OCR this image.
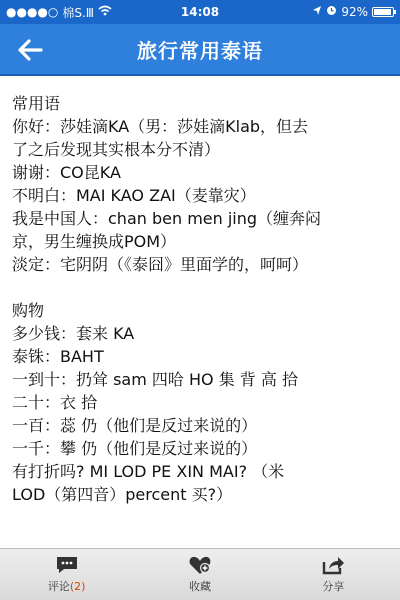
●●●●○ 棉S.Ⅲ	14:08	92%
旅行常用泰语

常用语

你好：莎娃滴KA（男：莎娃滴Klab，但去

了之后发现其实根本分不清）

谢谢：CO昆KA

不明白：MAI KAO ZAI（麦靠灾）

我是中国人：chan ben men jing（缠奔闷

京，男生缠换成POM）

淡定：宅阴阴（《泰囧》里面学的，呵呵）

购物

多少钱：套来 KA

泰铢：BAHT

一到十：扔耸 sam 四哈 HO 集 背 高 拾

二十：衣 拾

一百：蕊 仍（他们是反过来说的）

一千：攀 仍（他们是反过来说的）

有打折吗? MI LOD PE XIN MAI? （米

LOD（第四音）percent 买?）

评论(2)	收藏	分享
